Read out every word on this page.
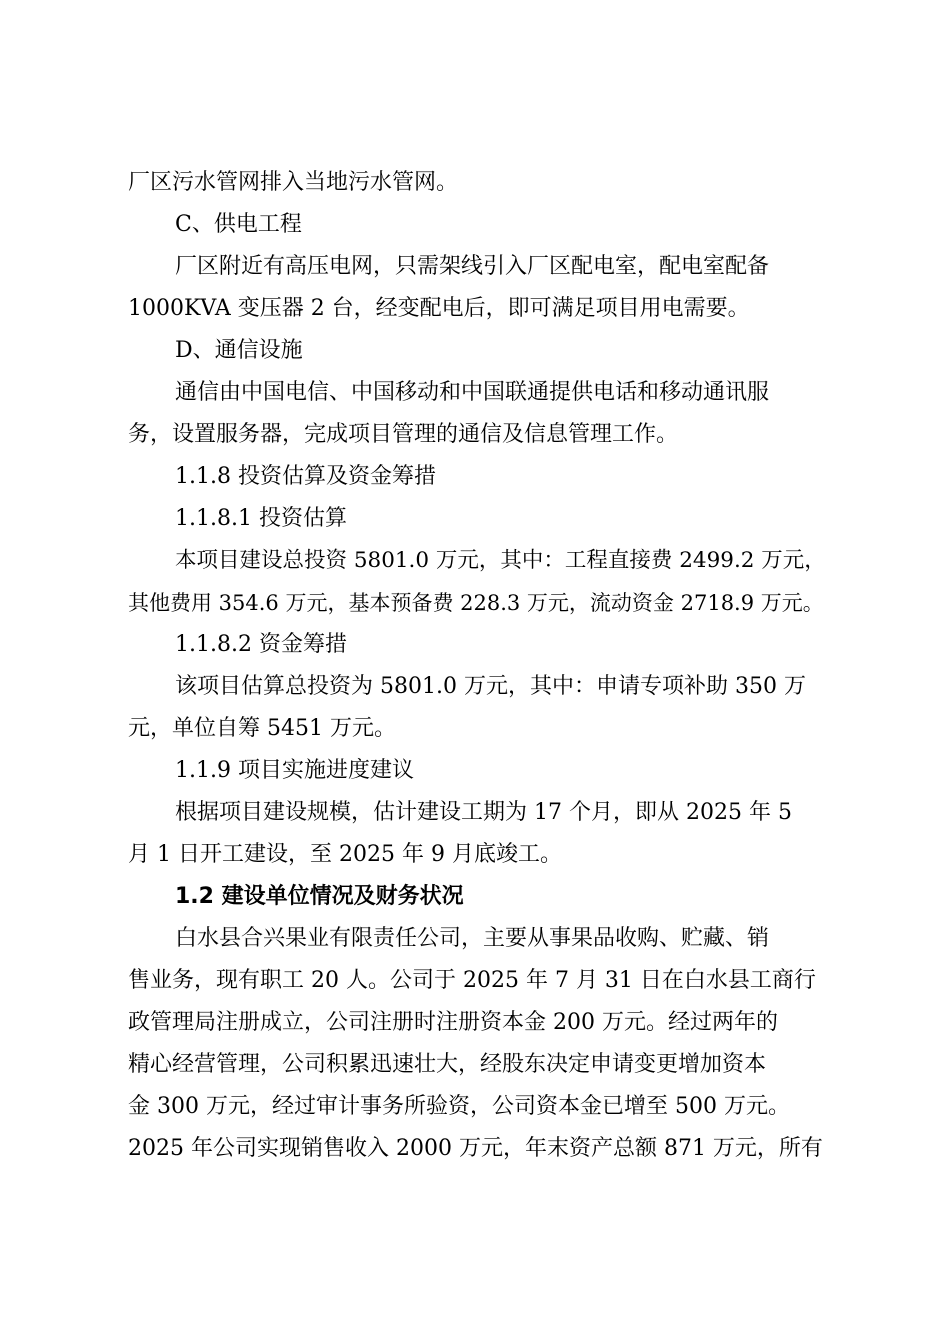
厂区污水管网排入当地污水管网。
C、供电工程
厂区附近有高压电网，只需架线引入厂区配电室，配电室配备
1000KVA 变压器 2 台，经变配电后，即可满足项目用电需要。
D、通信设施
通信由中国电信、中国移动和中国联通提供电话和移动通讯服
务，设置服务器，完成项目管理的通信及信息管理工作。
1.1.8 投资估算及资金筹措
1.1.8.1 投资估算
本项目建设总投资 5801.0 万元，其中：工程直接费 2499.2 万元，
其他费用 354.6 万元，基本预备费 228.3 万元，流动资金 2718.9 万元。
1.1.8.2 资金筹措
该项目估算总投资为 5801.0 万元，其中：申请专项补助 350 万
元，单位自筹 5451 万元。
1.1.9 项目实施进度建议
根据项目建设规模，估计建设工期为 17 个月，即从 2025 年 5
月 1 日开工建设，至 2025 年 9 月底竣工。
1.2 建设单位情况及财务状况
白水县合兴果业有限责任公司，主要从事果品收购、贮藏、销
售业务，现有职工 20 人。公司于 2025 年 7 月 31 日在白水县工商行
政管理局注册成立，公司注册时注册资本金 200 万元。经过两年的
精心经营管理，公司积累迅速壮大，经股东决定申请变更增加资本
金 300 万元，经过审计事务所验资，公司资本金已增至 500 万元。
2025 年公司实现销售收入 2000 万元，年末资产总额 871 万元，所有
